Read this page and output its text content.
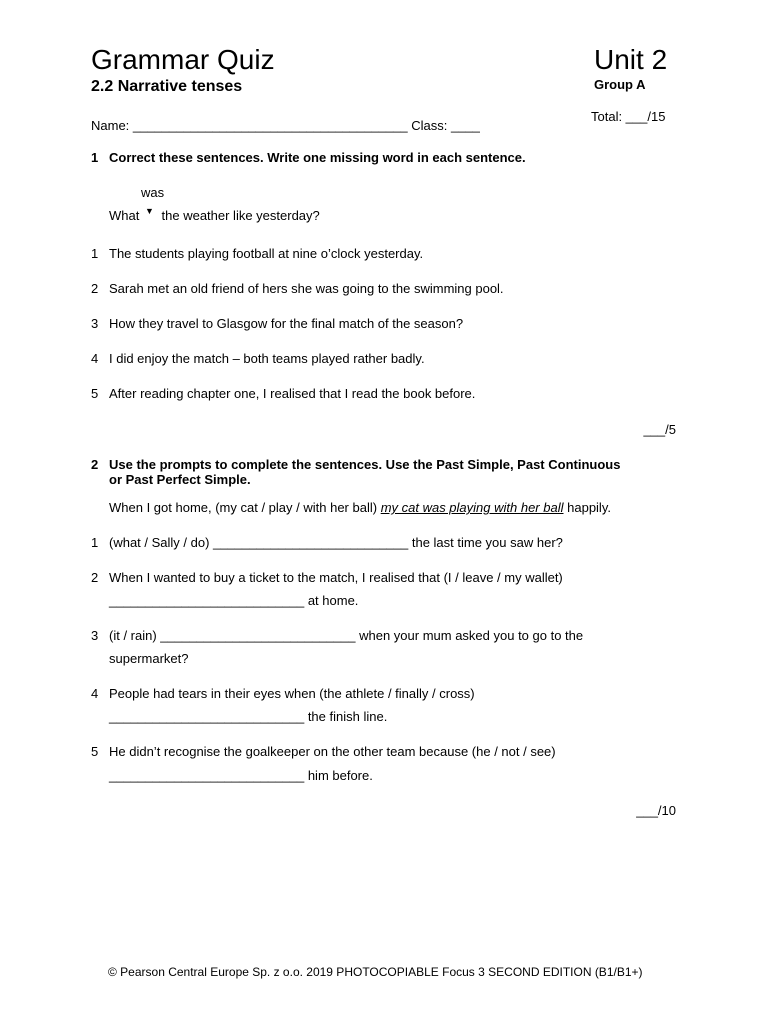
Grammar Quiz
2.2 Narrative tenses
Unit 2
Group A
Total: ___/15
Name: ______________________________________ Class: ____
1 Correct these sentences. Write one missing word in each sentence.
was
What ▼ the weather like yesterday?
1 The students playing football at nine o’clock yesterday.
2 Sarah met an old friend of hers she was going to the swimming pool.
3 How they travel to Glasgow for the final match of the season?
4 I did enjoy the match – both teams played rather badly.
5 After reading chapter one, I realised that I read the book before.
___/5
2 Use the prompts to complete the sentences. Use the Past Simple, Past Continuous
or Past Perfect Simple.
When I got home, (my cat / play / with her ball) my cat was playing with her ball happily.
1 (what / Sally / do) ___________________________ the last time you saw her?
2 When I wanted to buy a ticket to the match, I realised that (I / leave / my wallet)
___________________________ at home.
3 (it / rain) ___________________________ when your mum asked you to go to the
supermarket?
4 People had tears in their eyes when (the athlete / finally / cross)
___________________________ the finish line.
5 He didn’t recognise the goalkeeper on the other team because (he / not / see)
___________________________ him before.
___/10
© Pearson Central Europe Sp. z o.o. 2019 PHOTOCOPIABLE Focus 3 SECOND EDITION (B1/B1+)
